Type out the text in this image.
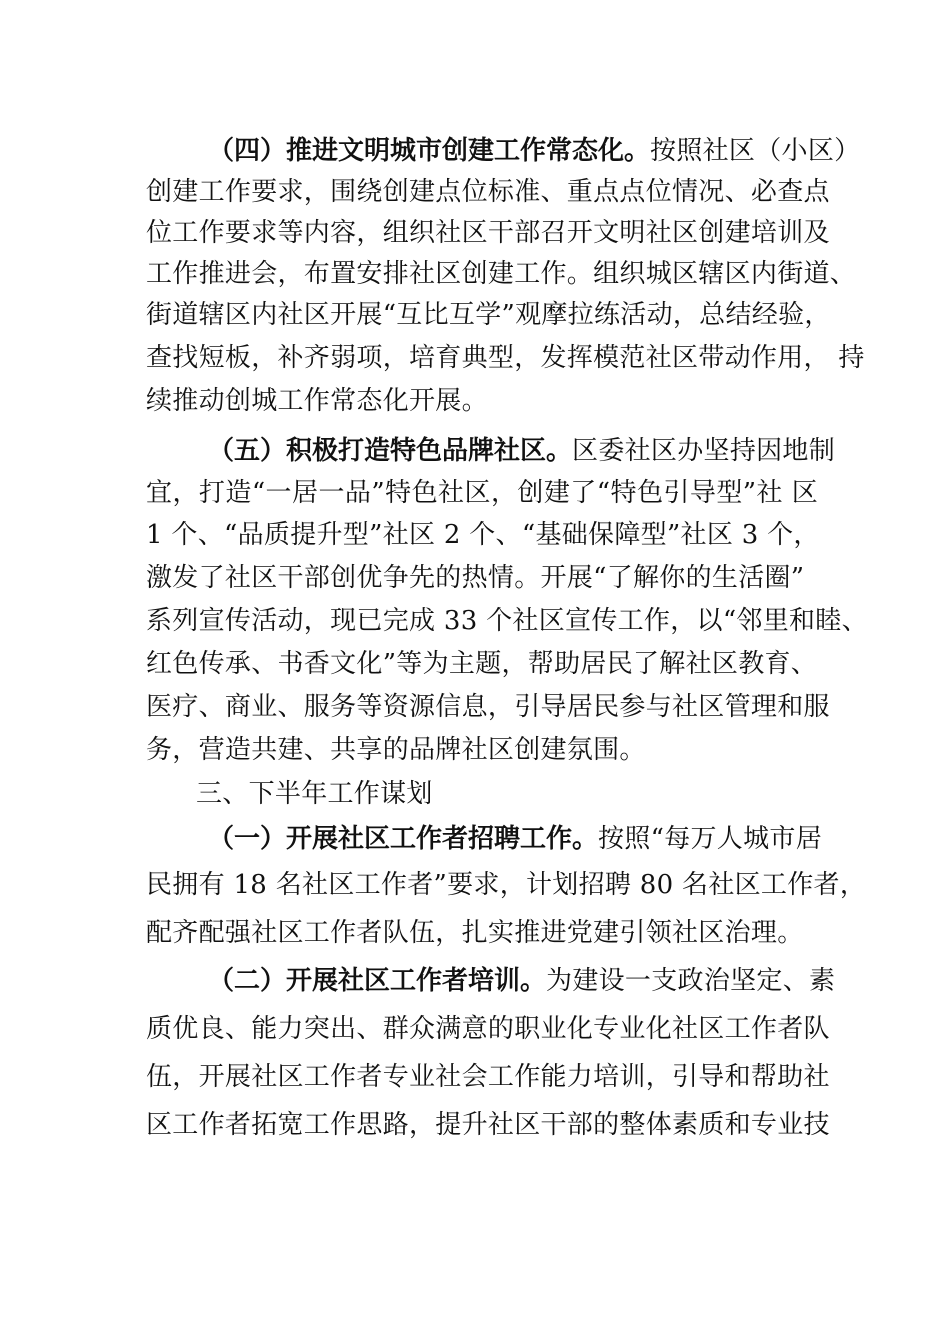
（四）推进文明城市创建工作常态化。按照社区（小区）
创建工作要求，围绕创建点位标准、重点点位情况、必查点
位工作要求等内容，组织社区干部召开文明社区创建培训及
工作推进会，布置安排社区创建工作。组织城区辖区内街道、
街道辖区内社区开展“互比互学”观摩拉练活动，总结经验，
查找短板，补齐弱项，培育典型，发挥模范社区带动作用， 持
续推动创城工作常态化开展。
（五）积极打造特色品牌社区。区委社区办坚持因地制
宜，打造“一居一品”特色社区，创建了“特色引导型”社 区
1 个、“品质提升型”社区 2 个、“基础保障型”社区 3 个，
激发了社区干部创优争先的热情。开展“了解你的生活圈”
系列宣传活动，现已完成 33 个社区宣传工作，以“邻里和睦、
红色传承、书香文化”等为主题，帮助居民了解社区教育、
医疗、商业、服务等资源信息，引导居民参与社区管理和服
务，营造共建、共享的品牌社区创建氛围。
三、下半年工作谋划
（一）开展社区工作者招聘工作。按照“每万人城市居
民拥有 18 名社区工作者”要求，计划招聘 80 名社区工作者，
配齐配强社区工作者队伍，扎实推进党建引领社区治理。
（二）开展社区工作者培训。为建设一支政治坚定、素
质优良、能力突出、群众满意的职业化专业化社区工作者队
伍，开展社区工作者专业社会工作能力培训，引导和帮助社
区工作者拓宽工作思路，提升社区干部的整体素质和专业技
